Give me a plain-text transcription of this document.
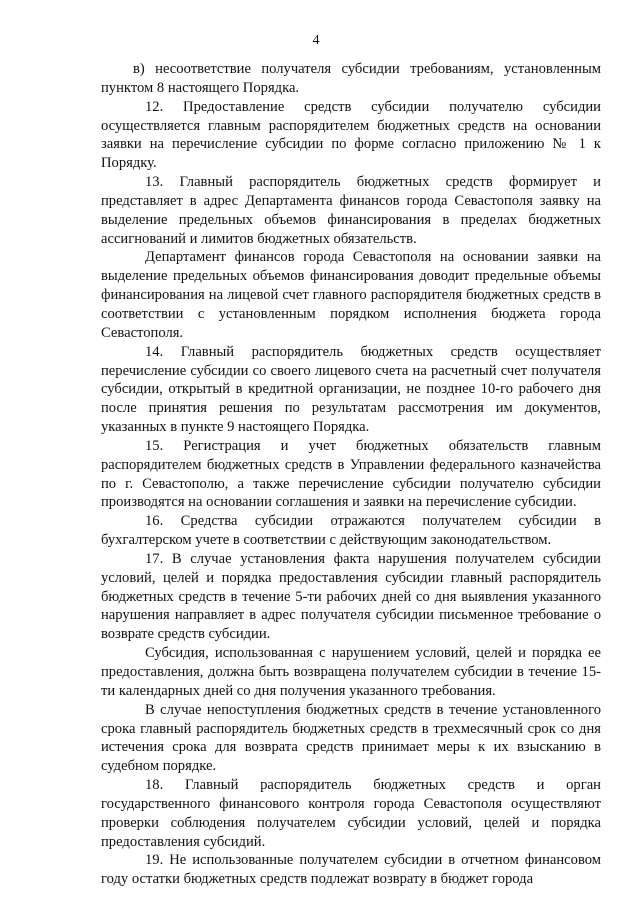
4

в) несоответствие получателя субсидии требованиям, установленным пунктом 8 настоящего Порядка.

12. Предоставление средств субсидии получателю субсидии осуществляется главным распорядителем бюджетных средств на основании заявки на перечисление субсидии по форме согласно приложению № 1 к Порядку.

13. Главный распорядитель бюджетных средств формирует и представляет в адрес Департамента финансов города Севастополя заявку на выделение предельных объемов финансирования в пределах бюджетных ассигнований и лимитов бюджетных обязательств.

Департамент финансов города Севастополя на основании заявки на выделение предельных объемов финансирования доводит предельные объемы финансирования на лицевой счет главного распорядителя бюджетных средств в соответствии с установленным порядком исполнения бюджета города Севастополя.

14. Главный распорядитель бюджетных средств осуществляет перечисление субсидии со своего лицевого счета на расчетный счет получателя субсидии, открытый в кредитной организации, не позднее 10-го рабочего дня после принятия решения по результатам рассмотрения им документов, указанных в пункте 9 настоящего Порядка.

15. Регистрация и учет бюджетных обязательств главным распорядителем бюджетных средств в Управлении федерального казначейства по г. Севастополю, а также перечисление субсидии получателю субсидии производятся на основании соглашения и заявки на перечисление субсидии.

16. Средства субсидии отражаются получателем субсидии в бухгалтерском учете в соответствии с действующим законодательством.

17. В случае установления факта нарушения получателем субсидии условий, целей и порядка предоставления субсидии главный распорядитель бюджетных средств в течение 5-ти рабочих дней со дня выявления указанного нарушения направляет в адрес получателя субсидии письменное требование о возврате средств субсидии.

Субсидия, использованная с нарушением условий, целей и порядка ее предоставления, должна быть возвращена получателем субсидии в течение 15-ти календарных дней со дня получения указанного требования.

В случае непоступления бюджетных средств в течение установленного срока главный распорядитель бюджетных средств в трехмесячный срок со дня истечения срока для возврата средств принимает меры к их взысканию в судебном порядке.

18. Главный распорядитель бюджетных средств и орган государственного финансового контроля города Севастополя осуществляют проверки соблюдения получателем субсидии условий, целей и порядка предоставления субсидий.

19. Не использованные получателем субсидии в отчетном финансовом году остатки бюджетных средств подлежат возврату в бюджет города
